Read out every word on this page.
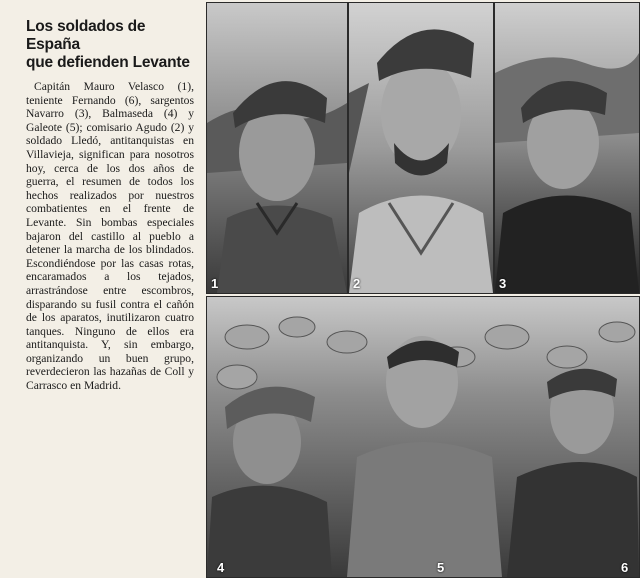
Los soldados de España
que defienden Levante

Capitán Mauro Velasco (1), teniente Fernando (6), sargentos Navarro (3), Balmaseda (4) y Galeote (5); comisario Agudo (2) y soldado Lledó, antitanquistas en Villavieja, significan para nosotros hoy, cerca de los dos años de guerra, el resumen de todos los hechos realizados por nuestros combatientes en el frente de Levante. Sin bombas especiales bajaron del castillo al pueblo a detener la marcha de los blindados. Escondiéndose por las casas rotas, encaramados a los tejados, arrastrándose entre escombros, disparando su fusil contra el cañón de los aparatos, inutilizaron cuatro tanques. Ninguno de ellos era antitanquista. Y, sin embargo, organizando un buen grupo, reverdecieron las hazañas de Coll y Carrasco en Madrid.

1	2	3
4	5	6
